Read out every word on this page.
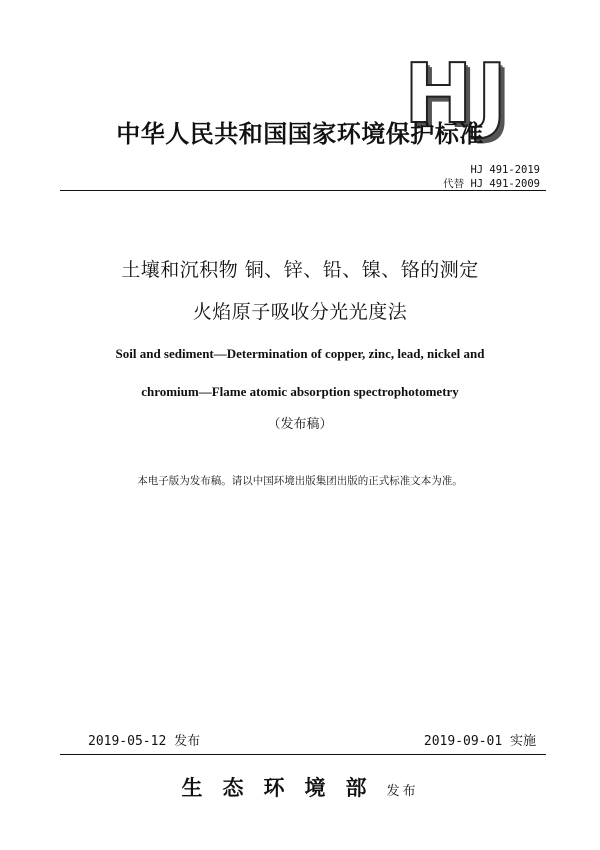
HJ
中华人民共和国国家环境保护标准
HJ 491-2019
代替 HJ 491-2009
土壤和沉积物 铜、锌、铅、镍、铬的测定
火焰原子吸收分光光度法
Soil and sediment—Determination of copper, zinc, lead, nickel and
chromium—Flame atomic absorption spectrophotometry
（发布稿）
本电子版为发布稿。请以中国环境出版集团出版的正式标准文本为准。
2019-05-12 发布	2019-09-01 实施
生态环境部发布
